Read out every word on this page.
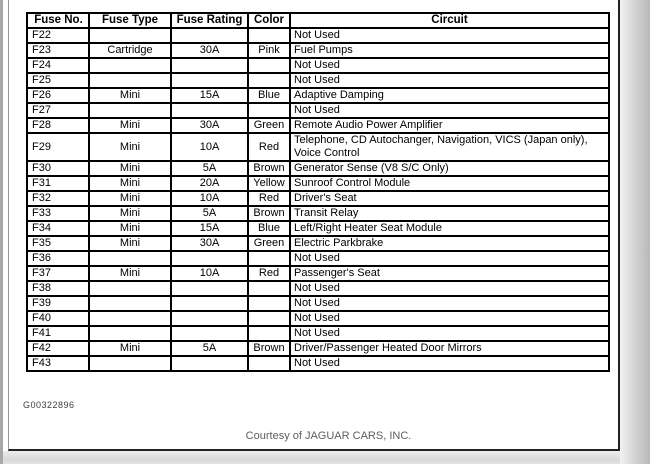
Fuse No.	Fuse Type	Fuse Rating	Color	Circuit
F22				Not Used
F23	Cartridge	30A	Pink	Fuel Pumps
F24				Not Used
F25				Not Used
F26	Mini	15A	Blue	Adaptive Damping
F27				Not Used
F28	Mini	30A	Green	Remote Audio Power Amplifier
F29	Mini	10A	Red	Telephone, CD Autochanger, Navigation, VICS (Japan only), Voice Control
F30	Mini	5A	Brown	Generator Sense (V8 S/C Only)
F31	Mini	20A	Yellow	Sunroof Control Module
F32	Mini	10A	Red	Driver's Seat
F33	Mini	5A	Brown	Transit Relay
F34	Mini	15A	Blue	Left/Right Heater Seat Module
F35	Mini	30A	Green	Electric Parkbrake
F36				Not Used
F37	Mini	10A	Red	Passenger's Seat
F38				Not Used
F39				Not Used
F40				Not Used
F41				Not Used
F42	Mini	5A	Brown	Driver/Passenger Heated Door Mirrors
F43				Not Used
G00322896
Courtesy of JAGUAR CARS, INC.
